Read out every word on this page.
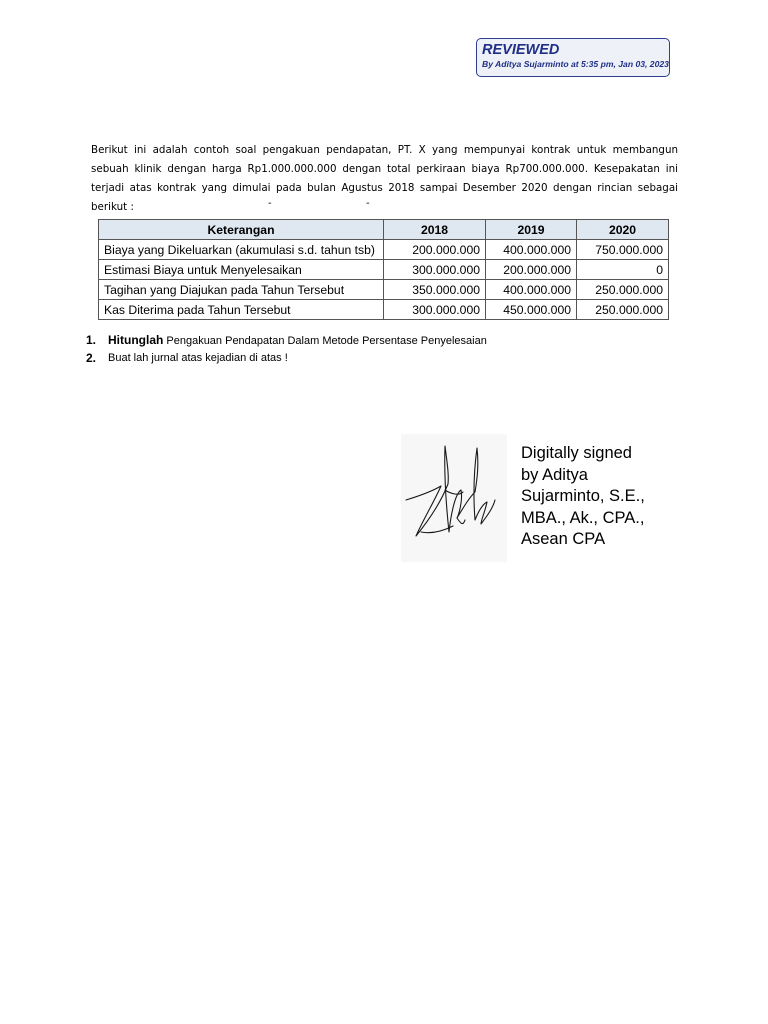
REVIEWED
By Aditya Sujarminto at 5:35 pm, Jan 03, 2023

Berikut ini adalah contoh soal pengakuan pendapatan, PT. X yang mempunyai kontrak untuk membangun sebuah klinik dengan harga Rp1.000.000.000 dengan total perkiraan biaya Rp700.000.000. Kesepakatan ini terjadi atas kontrak yang dimulai pada bulan Agustus 2018 sampai Desember 2020 dengan rincian sebagai berikut :	-	-
Keterangan	2018	2019	2020
Biaya yang Dikeluarkan (akumulasi s.d. tahun tsb)	200.000.000	400.000.000	750.000.000
Estimasi Biaya untuk Menyelesaikan	300.000.000	200.000.000	0
Tagihan yang Diajukan pada Tahun Tersebut	350.000.000	400.000.000	250.000.000
Kas Diterima pada Tahun Tersebut	300.000.000	450.000.000	250.000.000
1. Hitunglah Pengakuan Pendapatan Dalam Metode Persentase Penyelesaian
2. Buat lah jurnal atas kejadian di atas !
Digitally signed
by Aditya
Sujarminto, S.E.,
MBA., Ak., CPA.,
Asean CPA
